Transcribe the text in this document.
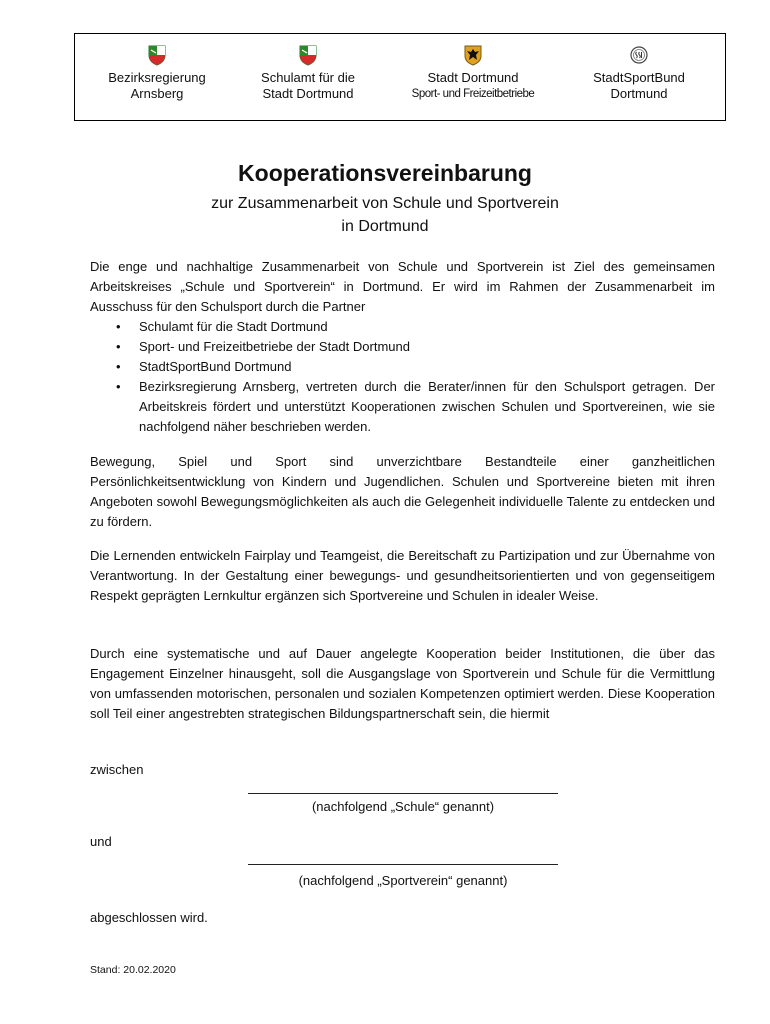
Bezirksregierung
Arnsberg
Schulamt für die
Stadt Dortmund
Stadt Dortmund
Sport- und Freizeitbetriebe
StadtSportBund
Dortmund
Kooperationsvereinbarung
zur Zusammenarbeit von Schule und Sportverein
in Dortmund

Die enge und nachhaltige Zusammenarbeit von Schule und Sportverein ist Ziel des gemeinsamen Arbeitskreises „Schule und Sportverein“ in Dortmund. Er wird im Rahmen der Zusammenarbeit im Ausschuss für den Schulsport durch die Partner

• Schulamt für die Stadt Dortmund
• Sport- und Freizeitbetriebe der Stadt Dortmund
• StadtSportBund Dortmund
• Bezirksregierung Arnsberg, vertreten durch die Berater/innen für den Schulsport getragen. Der Arbeitskreis fördert und unterstützt Kooperationen zwischen Schulen und Sportvereinen, wie sie nachfolgend näher beschrieben werden.

Bewegung, Spiel und Sport sind unverzichtbare Bestandteile einer ganzheitlichen Persönlichkeitsentwicklung von Kindern und Jugendlichen. Schulen und Sportvereine bieten mit ihren Angeboten sowohl Bewegungsmöglichkeiten als auch die Gelegenheit individuelle Talente zu entdecken und zu fördern.

Die Lernenden entwickeln Fairplay und Teamgeist, die Bereitschaft zu Partizipation und zur Übernahme von Verantwortung. In der Gestaltung einer bewegungs- und gesundheitsorientierten und von gegenseitigem Respekt geprägten Lernkultur ergänzen sich Sportvereine und Schulen in idealer Weise.

Durch eine systematische und auf Dauer angelegte Kooperation beider Institutionen, die über das Engagement Einzelner hinausgeht, soll die Ausgangslage von Sportverein und Schule für die Vermittlung von umfassenden motorischen, personalen und sozialen Kompetenzen optimiert werden. Diese Kooperation soll Teil einer angestrebten strategischen Bildungspartnerschaft sein, die hiermit

zwischen
(nachfolgend „Schule“ genannt)
und
(nachfolgend „Sportverein“ genannt)
abgeschlossen wird.
Stand: 20.02.2020
